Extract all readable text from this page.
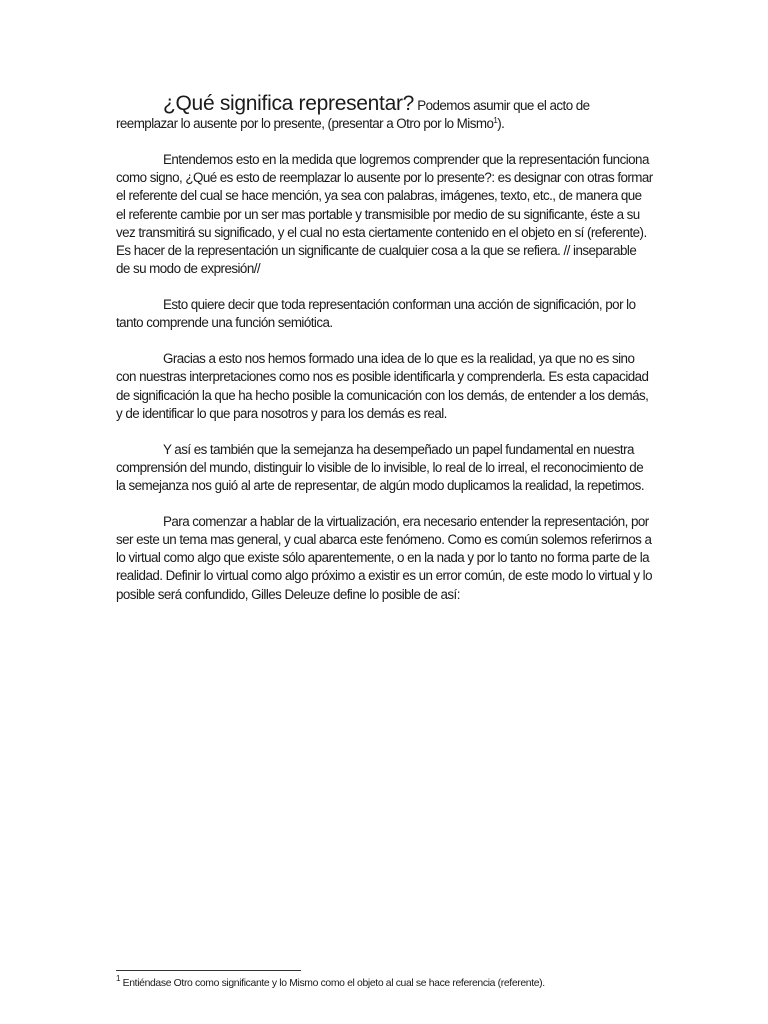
¿Qué significa representar? Podemos asumir que el acto de reemplazar lo ausente por lo presente, (presentar a Otro por lo Mismo$^1$).

Entendemos esto en la medida que logremos comprender que la representación funciona como signo, ¿Qué es esto de reemplazar lo ausente por lo presente?: es designar con otras formar el referente del cual se hace mención, ya sea con palabras, imágenes, texto, etc., de manera que el referente cambie por un ser mas portable y transmisible por medio de su significante, éste a su vez transmitirá su significado, y el cual no esta ciertamente contenido en el objeto en sí (referente). Es hacer de la representación un significante de cualquier cosa a la que se refiera. // inseparable de su modo de expresión//

Esto quiere decir que toda representación conforman una acción de significación, por lo tanto comprende una función semiótica.

Gracias a esto nos hemos formado una idea de lo que es la realidad, ya que no es sino con nuestras interpretaciones como nos es posible identificarla y comprenderla. Es esta capacidad de significación la que ha hecho posible la comunicación con los demás, de entender a los demás, y de identificar lo que para nosotros y para los demás es real.

Y así es también que la semejanza ha desempeñado un papel fundamental en nuestra comprensión del mundo, distinguir lo visible de lo invisible, lo real de lo irreal, el reconocimiento de la semejanza nos guió al arte de representar, de algún modo duplicamos la realidad, la repetimos.

Para comenzar a hablar de la virtualización, era necesario entender la representación, por ser este un tema mas general, y cual abarca este fenómeno. Como es común solemos referirnos a lo virtual como algo que existe sólo aparentemente, o en la nada y por lo tanto no forma parte de la realidad. Definir lo virtual como algo próximo a existir es un error común, de este modo lo virtual y lo posible será confundido, Gilles Deleuze define lo posible de así:

$^1$ Entiéndase Otro como significante y lo Mismo como el objeto al cual se hace referencia (referente).
